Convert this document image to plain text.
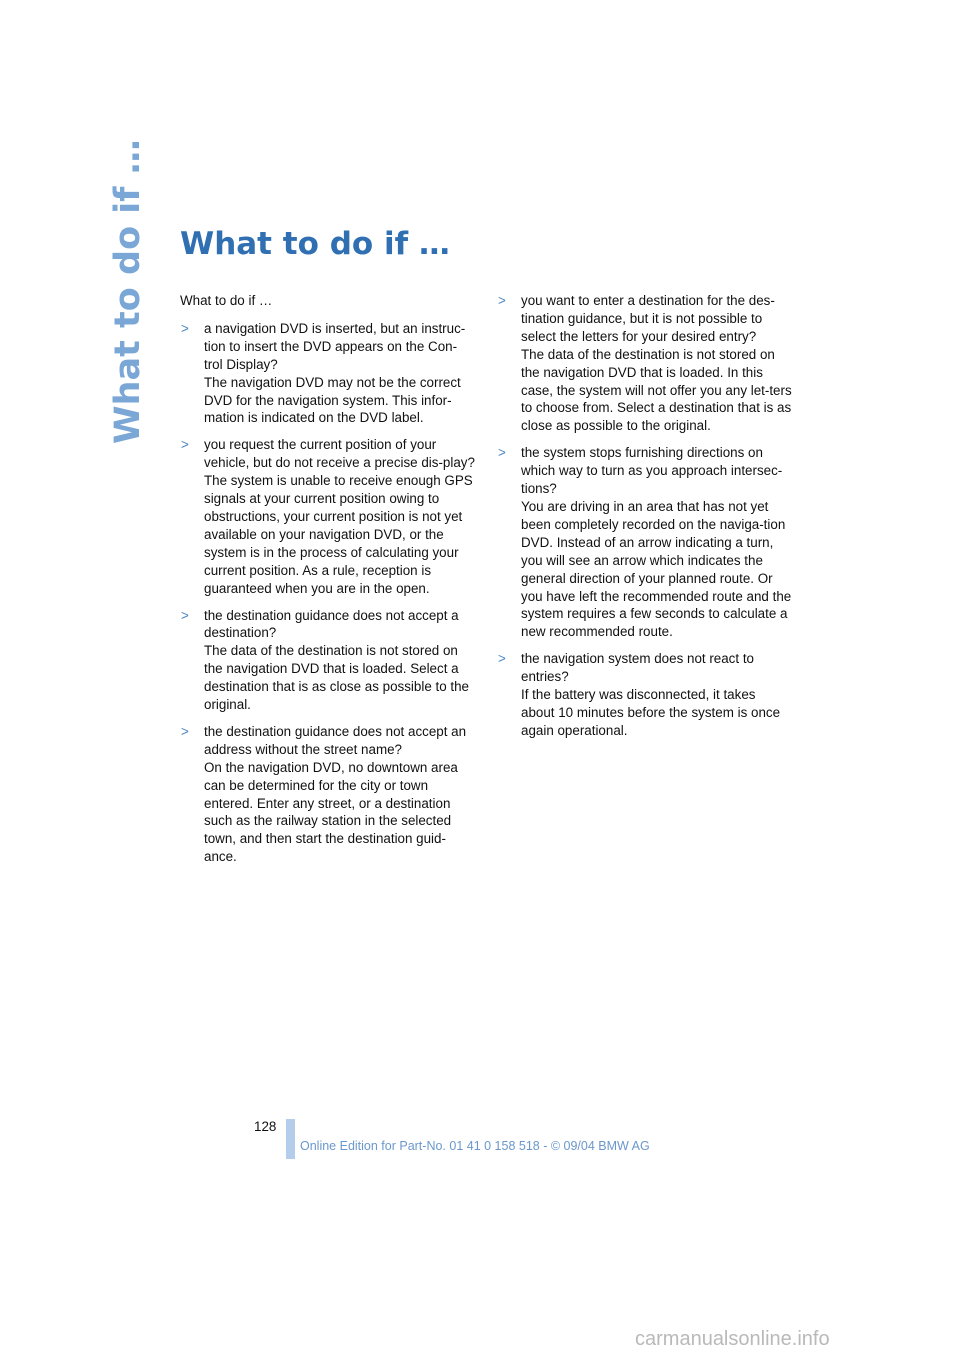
What to do if … What to do if …

What to do if …

> a navigation DVD is inserted, but an instruc-tion to insert the DVD appears on the Con-trol Display?
The navigation DVD may not be the correct DVD for the navigation system. This infor-mation is indicated on the DVD label.
> you request the current position of your vehicle, but do not receive a precise dis-play?
The system is unable to receive enough GPS signals at your current position owing to obstructions, your current position is not yet available on your navigation DVD, or the system is in the process of calculating your current position. As a rule, reception is guaranteed when you are in the open.
> the destination guidance does not accept a destination?
The data of the destination is not stored on the navigation DVD that is loaded. Select a destination that is as close as possible to the original.
> the destination guidance does not accept an address without the street name?
On the navigation DVD, no downtown area can be determined for the city or town entered. Enter any street, or a destination such as the railway station in the selected town, and then start the destination guid-ance.
> you want to enter a destination for the des-tination guidance, but it is not possible to select the letters for your desired entry?
The data of the destination is not stored on the navigation DVD that is loaded. In this case, the system will not offer you any let-ters to choose from. Select a destination that is as close as possible to the original.
> the system stops furnishing directions on which way to turn as you approach intersec-tions?
You are driving in an area that has not yet been completely recorded on the naviga-tion DVD. Instead of an arrow indicating a turn, you will see an arrow which indicates the general direction of your planned route. Or you have left the recommended route and the system requires a few seconds to calculate a new recommended route.
> the navigation system does not react to entries?
If the battery was disconnected, it takes about 10 minutes before the system is once again operational.
128
Online Edition for Part-No. 01 41 0 158 518 - © 09/04 BMW AG
carmanualsonline.info
